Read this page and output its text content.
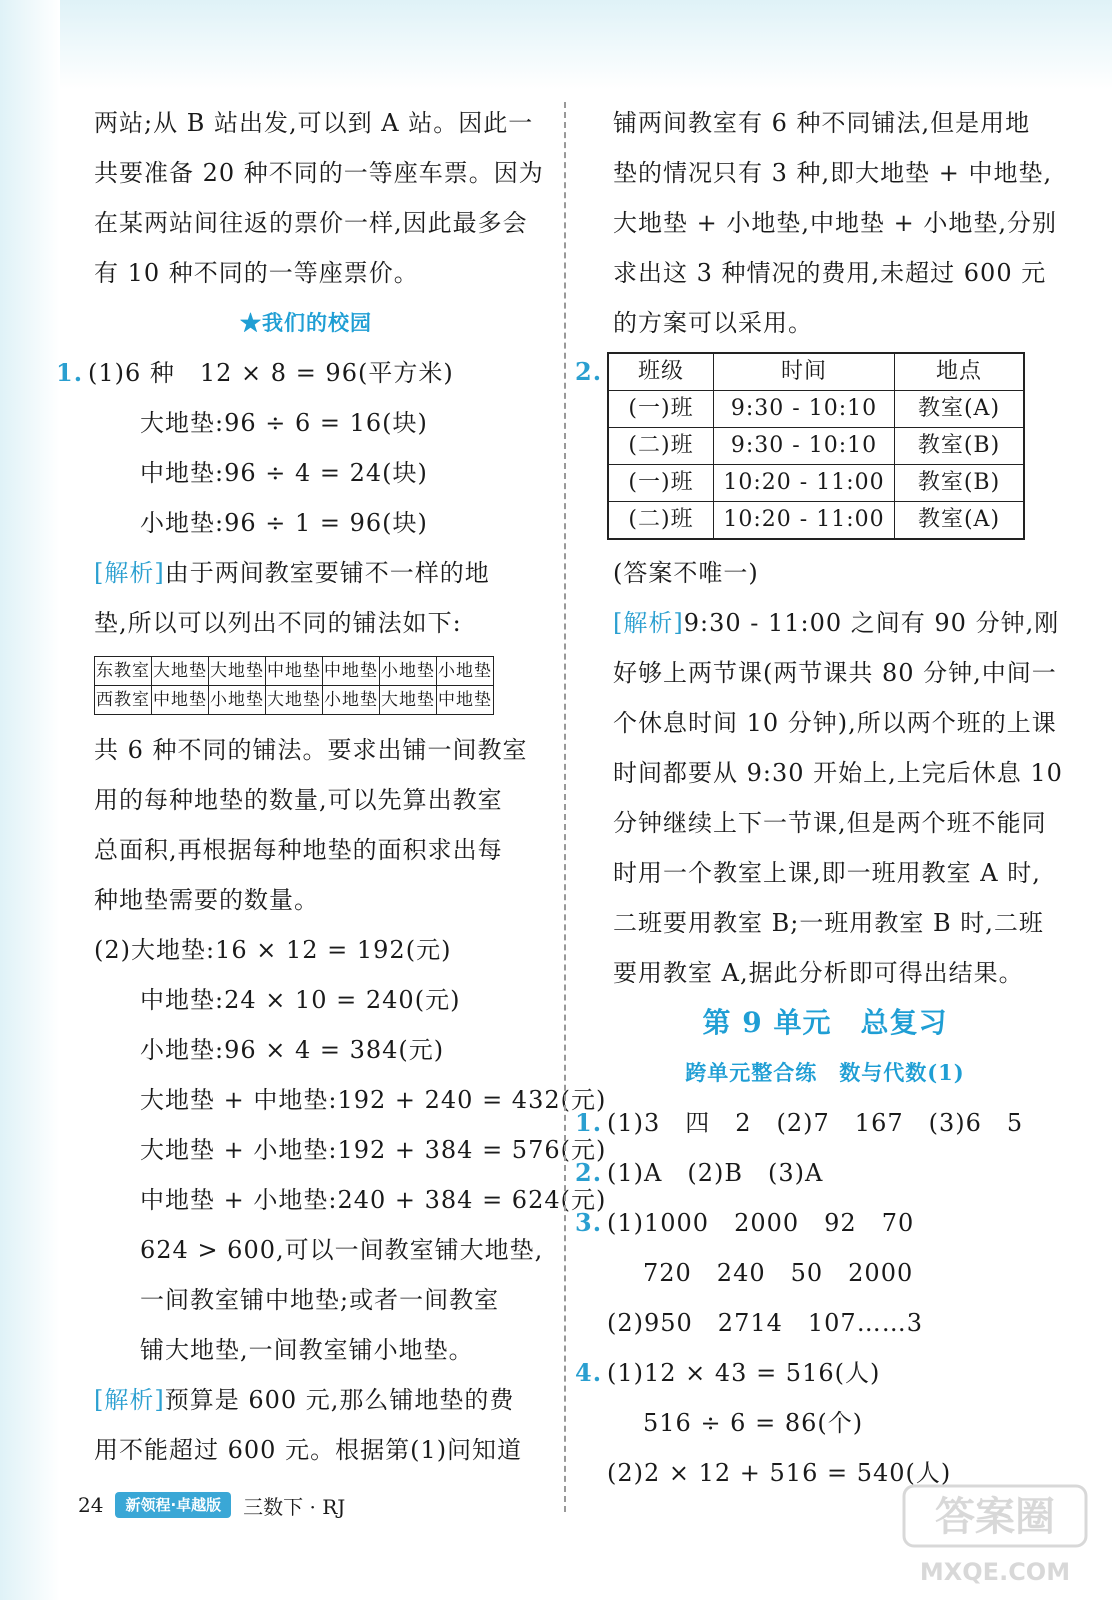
两站;从 B 站出发,可以到 A 站。因此一
共要准备 20 种不同的一等座车票。因为
在某两站间往返的票价一样,因此最多会
有 10 种不同的一等座票价。
★我们的校园
1. (1)6 种　12 × 8 = 96(平方米)
大地垫:96 ÷ 6 = 16(块)
中地垫:96 ÷ 4 = 24(块)
小地垫:96 ÷ 1 = 96(块)
[解析]由于两间教室要铺不一样的地
垫,所以可以列出不同的铺法如下:
东教室	大地垫	大地垫	中地垫	中地垫	小地垫	小地垫
西教室	中地垫	小地垫	大地垫	小地垫	大地垫	中地垫
共 6 种不同的铺法。要求出铺一间教室
用的每种地垫的数量,可以先算出教室
总面积,再根据每种地垫的面积求出每
种地垫需要的数量。
(2)大地垫:16 × 12 = 192(元)
中地垫:24 × 10 = 240(元)
小地垫:96 × 4 = 384(元)
大地垫 + 中地垫:192 + 240 = 432(元)
大地垫 + 小地垫:192 + 384 = 576(元)
中地垫 + 小地垫:240 + 384 = 624(元)
624 > 600,可以一间教室铺大地垫,
一间教室铺中地垫;或者一间教室
铺大地垫,一间教室铺小地垫。
[解析]预算是 600 元,那么铺地垫的费
用不能超过 600 元。根据第(1)问知道
铺两间教室有 6 种不同铺法,但是用地
垫的情况只有 3 种,即大地垫 + 中地垫,
大地垫 + 小地垫,中地垫 + 小地垫,分别
求出这 3 种情况的费用,未超过 600 元
的方案可以采用。
2. 班级	时间	地点
(一)班	9:30 - 10:10	教室(A)
(二)班	9:30 - 10:10	教室(B)
(一)班	10:20 - 11:00	教室(B)
(二)班	10:20 - 11:00	教室(A)
(答案不唯一)
[解析]9:30 - 11:00 之间有 90 分钟,刚
好够上两节课(两节课共 80 分钟,中间一
个休息时间 10 分钟),所以两个班的上课
时间都要从 9:30 开始上,上完后休息 10
分钟继续上下一节课,但是两个班不能同
时用一个教室上课,即一班用教室 A 时,
二班要用教室 B;一班用教室 B 时,二班
要用教室 A,据此分析即可得出结果。
第 9 单元　总复习
跨单元整合练　数与代数(1)
1. (1)3　四　2　(2)7　167　(3)6　5
2. (1)A　(2)B　(3)A
3. (1)1000　2000　92　70
720　240　50　2000
(2)950　2714　107……3
4. (1)12 × 43 = 516(人)
516 ÷ 6 = 86(个)
(2)2 × 12 + 516 = 540(人)
24	新领程·卓越版	三数下 · RJ	答案圈
MXQE.COM
